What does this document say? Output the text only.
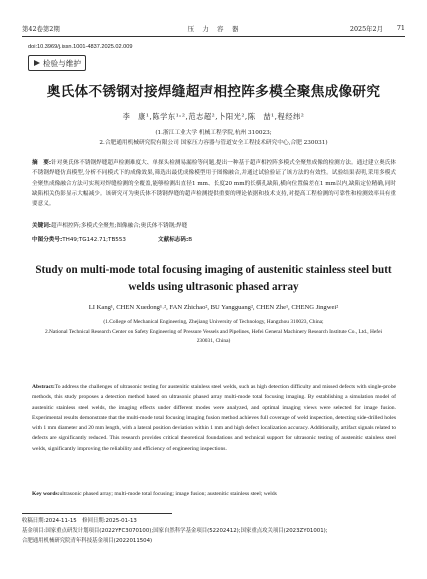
第42卷第2期	压　力　容　器	2025年2月 71
doi:10.3969/j.issn.1001-4837.2025.02.009
检验与维护
奥氏体不锈钢对接焊缝超声相控阵多模全聚焦成像研究
李　康¹,陈学东¹˒²,范志超²,卜阳光²,陈　喆¹,程经纬²
(1.浙江工业大学 机械工程学院,杭州 310023;
2.合肥通用机械研究院有限公司 国家压力容器与管道安全工程技术研究中心,合肥 230031)
摘　要:针对奥氏体不锈钢焊缝超声检测难度大、单探头检测易漏检等问题,提出一种基于超声相控阵多模式全聚焦成像的检测方法。通过建立奥氏体不锈钢焊缝仿真模型,分析不同模式下的成像效果,筛选出最优成像模型用于图像融合,并通过试验验证了该方法的有效性。试验结果表明,采用多模式全聚焦成像融合方法可实现对焊缝检测的全覆盖,能够检测出直径1 mm、长度20 mm的长横孔缺陷,横向位置偏差在1 mm以内,缺陷定位精确,同时缺陷相关伪影显示大幅减少。该研究可为奥氏体不锈钢焊缝的超声检测提供重要的理论依据和技术支持,对提高工程检测的可靠性和检测效率具有重要意义。
关键词:超声相控阵;多模式全聚焦;图像融合;奥氏体不锈钢;焊缝
中图分类号:TH49;TG142.71;TB553	文献标志码:B
Study on multi-mode total focusing imaging of austenitic stainless steel butt welds using ultrasonic phased array
LI Kang¹, CHEN Xuedong¹˒², FAN Zhichao², BU Yangguang², CHEN Zhe¹, CHENG Jingwei²
(1.College of Mechanical Engineering, Zhejiang University of Technology, Hangzhou 310023, China;
2.National Technical Research Center on Safety Engineering of Pressure Vessels and Pipelines, Hefei General Machinery Research Institute Co., Ltd., Hefei 230031, China)
Abstract:To address the challenges of ultrasonic testing for austenitic stainless steel welds, such as high detection difficulty and missed defects with single-probe methods, this study proposes a detection method based on ultrasonic phased array multi-mode total focusing imaging. By establishing a simulation model of austenitic stainless steel welds, the imaging effects under different modes were analyzed, and optimal imaging views were selected for image fusion. Experimental results demonstrate that the multi-mode total focusing imaging fusion method achieves full coverage of weld inspection, detecting side-drilled holes with 1 mm diameter and 20 mm length, with a lateral position deviation within 1 mm and high defect localization accuracy. Additionally, artifact signals related to defects are significantly reduced. This research provides critical theoretical foundations and technical support for ultrasonic testing of austenitic stainless steel welds, significantly improving the reliability and efficiency of engineering inspections.
Key words:ultrasonic phased array; multi-mode total focusing; image fusion; austenitic stainless steel; welds
收稿日期:2024-11-15　修回日期:2025-01-13
基金项目:国家重点研发计划项目(2022YFC3070100);国家自然科学基金项目(52202412);国家重点攻关项目(2023ZY01001);
合肥通用机械研究院青年科技基金项目(2022011504)
